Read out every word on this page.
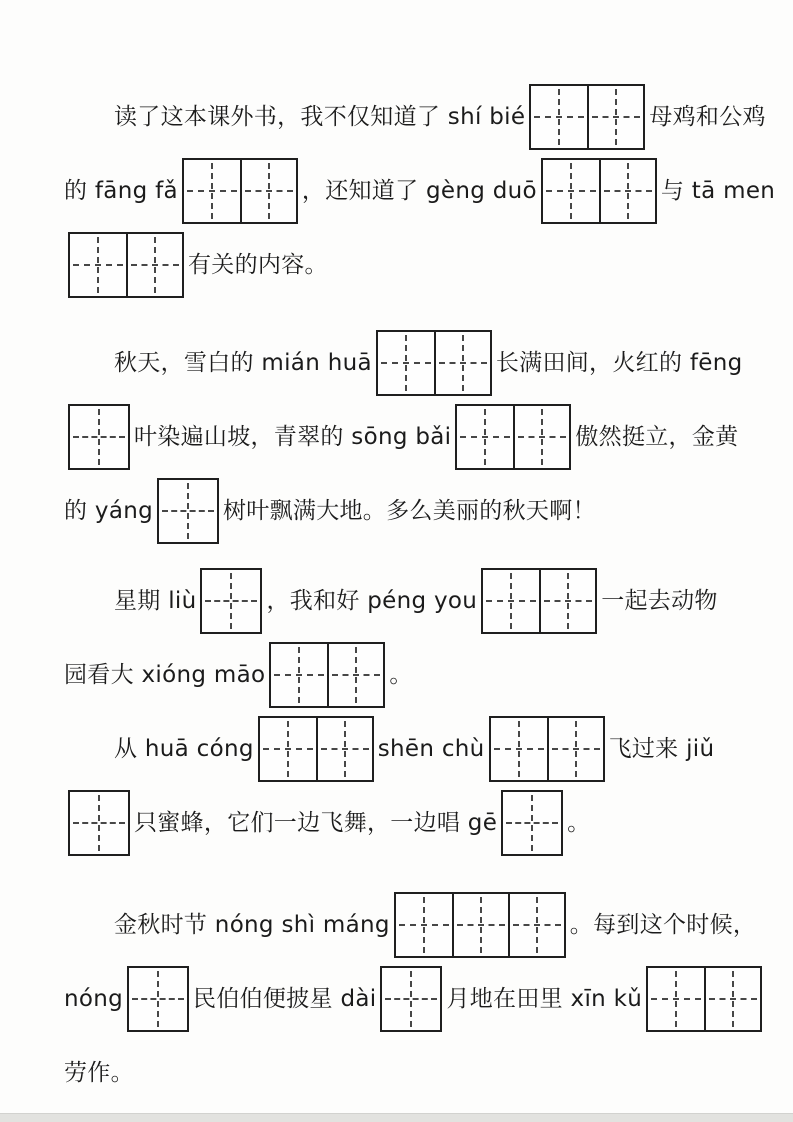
读了这本课外书，我不仅知道了 shí bié	母鸡和公鸡
的 fāng fǎ	，还知道了 gèng duō	与 tā men
有关的内容。
秋天，雪白的 mián huā	长满田间，火红的 fēng
叶染遍山坡，青翠的 sōng bǎi	傲然挺立，金黄
的 yáng	树叶飘满大地。多么美丽的秋天啊！
星期 liù	，我和好 péng you	一起去动物
园看大 xióng māo	。
从 huā cóng	shēn chù	飞过来 jiǔ
只蜜蜂，它们一边飞舞，一边唱 gē	。
金秋时节 nóng shì máng	。每到这个时候，
nóng	民伯伯便披星 dài	月地在田里 xīn kǔ
劳作。
